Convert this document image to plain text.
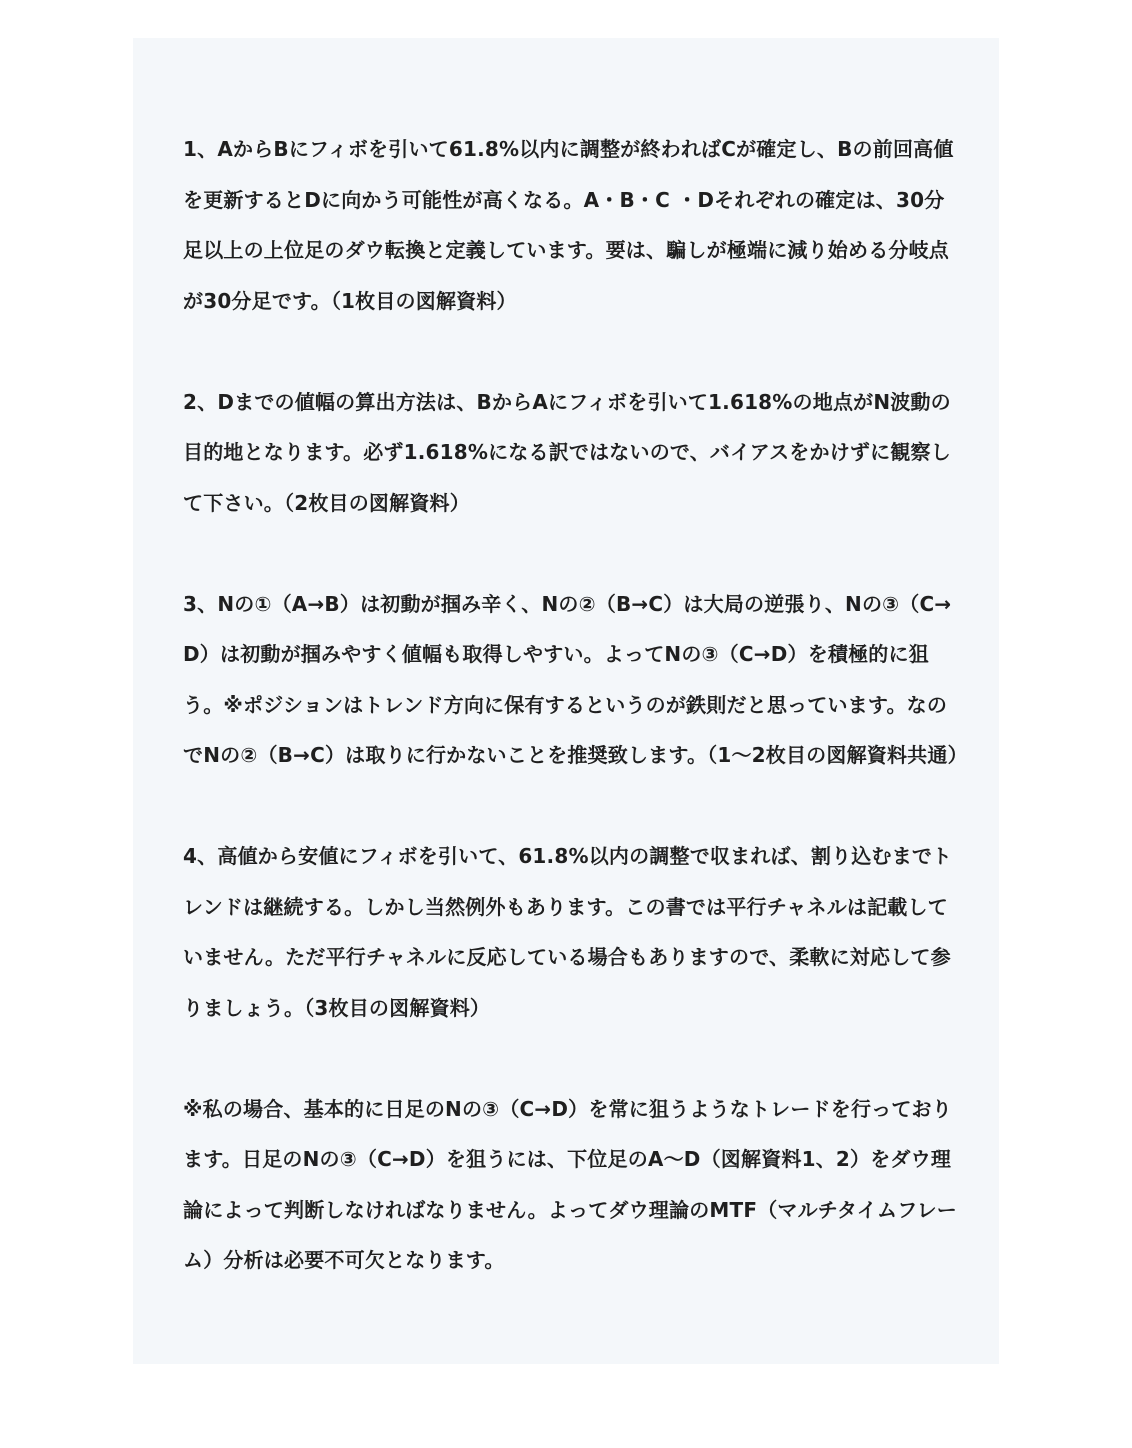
1、AからBにフィボを引いて61.8%以内に調整が終わればCが確定し、Bの前回高値を更新するとDに向かう可能性が高くなる。A・B・C ・Dそれぞれの確定は、30分足以上の上位足のダウ転換と定義しています。要は、騙しが極端に減り始める分岐点が30分足です。（1枚目の図解資料）

2、Dまでの値幅の算出方法は、BからAにフィボを引いて1.618%の地点がN波動の目的地となります。必ず1.618%になる訳ではないので、バイアスをかけずに観察して下さい。（2枚目の図解資料）

3、Nの①（A→B）は初動が掴み辛く、Nの②（B→C）は大局の逆張り、Nの③（C→D）は初動が掴みやすく値幅も取得しやすい。よってNの③（C→D）を積極的に狙う。※ポジションはトレンド方向に保有するというのが鉄則だと思っています。なのでNの②（B→C）は取りに行かないことを推奨致します。（1〜2枚目の図解資料共通）

4、高値から安値にフィボを引いて、61.8%以内の調整で収まれば、割り込むまでトレンドは継続する。しかし当然例外もあります。この書では平行チャネルは記載していません。ただ平行チャネルに反応している場合もありますので、柔軟に対応して参りましょう。（3枚目の図解資料）

※私の場合、基本的に日足のNの③（C→D）を常に狙うようなトレードを行っております。日足のNの③（C→D）を狙うには、下位足のA〜D（図解資料1、2）をダウ理論によって判断しなければなりません。よってダウ理論のMTF（マルチタイムフレーム）分析は必要不可欠となります。
